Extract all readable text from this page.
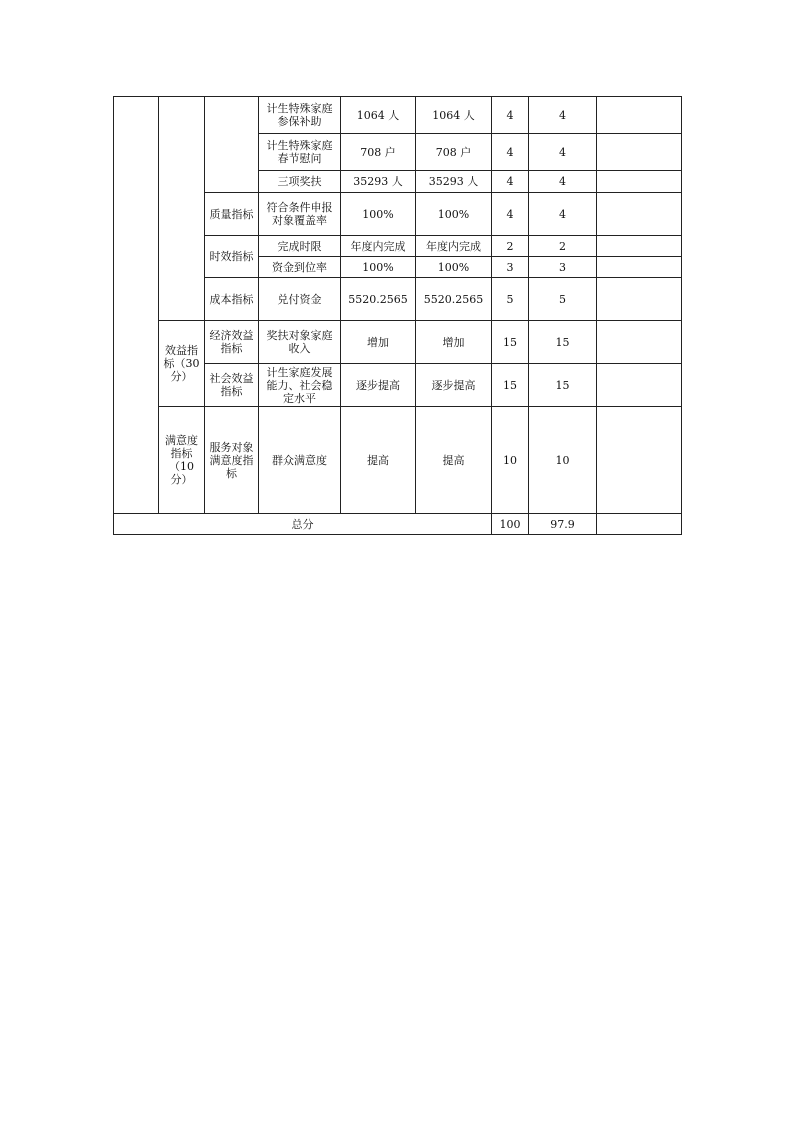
			计生特殊家庭参保补助	1064 人	1064 人	4	4	
			计生特殊家庭春节慰问	708 户	708 户	4	4	
			三项奖扶	35293 人	35293 人	4	4	
		质量指标	符合条件申报对象覆盖率	100%	100%	4	4	
		时效指标	完成时限	年度内完成	年度内完成	2	2	
			资金到位率	100%	100%	3	3	
		成本指标	兑付资金	5520.2565	5520.2565	5	5	
	效益指标（30分）	经济效益指标	奖扶对象家庭收入	增加	增加	15	15	
		社会效益指标	计生家庭发展能力、社会稳定水平	逐步提高	逐步提高	15	15	
	满意度指标（10分）	服务对象满意度指标	群众满意度	提高	提高	10	10	
总分						100	97.9	
